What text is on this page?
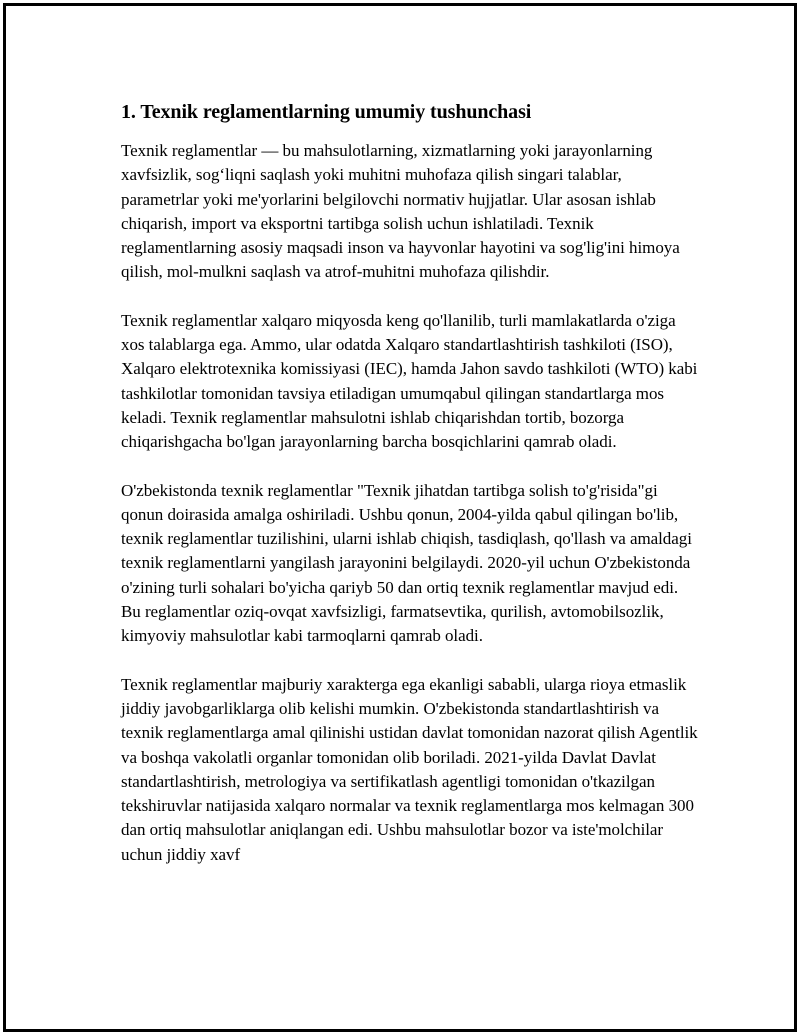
1. Texnik reglamentlarning umumiy tushunchasi

Texnik reglamentlar — bu mahsulotlarning, xizmatlarning yoki jarayonlarning xavfsizlik, sog‘liqni saqlash yoki muhitni muhofaza qilish singari talablar, parametrlar yoki me'yorlarini belgilovchi normativ hujjatlar. Ular asosan ishlab chiqarish, import va eksportni tartibga solish uchun ishlatiladi. Texnik reglamentlarning asosiy maqsadi inson va hayvonlar hayotini va sog'lig'ini himoya qilish, mol-mulkni saqlash va atrof-muhitni muhofaza qilishdir.

Texnik reglamentlar xalqaro miqyosda keng qo'llanilib, turli mamlakatlarda o'ziga xos talablarga ega. Ammo, ular odatda Xalqaro standartlashtirish tashkiloti (ISO), Xalqaro elektrotexnika komissiyasi (IEC), hamda Jahon savdo tashkiloti (WTO) kabi tashkilotlar tomonidan tavsiya etiladigan umumqabul qilingan standartlarga mos keladi. Texnik reglamentlar mahsulotni ishlab chiqarishdan tortib, bozorga chiqarishgacha bo'lgan jarayonlarning barcha bosqichlarini qamrab oladi.

O'zbekistonda texnik reglamentlar "Texnik jihatdan tartibga solish to'g'risida"gi qonun doirasida amalga oshiriladi. Ushbu qonun, 2004-yilda qabul qilingan bo'lib, texnik reglamentlar tuzilishini, ularni ishlab chiqish, tasdiqlash, qo'llash va amaldagi texnik reglamentlarni yangilash jarayonini belgilaydi. 2020-yil uchun O'zbekistonda o'zining turli sohalari bo'yicha qariyb 50 dan ortiq texnik reglamentlar mavjud edi. Bu reglamentlar oziq-ovqat xavfsizligi, farmatsevtika, qurilish, avtomobilsozlik, kimyoviy mahsulotlar kabi tarmoqlarni qamrab oladi.

Texnik reglamentlar majburiy xarakterga ega ekanligi sababli, ularga rioya etmaslik jiddiy javobgarliklarga olib kelishi mumkin. O'zbekistonda standartlashtirish va texnik reglamentlarga amal qilinishi ustidan davlat tomonidan nazorat qilish Agentlik va boshqa vakolatli organlar tomonidan olib boriladi. 2021-yilda Davlat Davlat standartlashtirish, metrologiya va sertifikatlash agentligi tomonidan o'tkazilgan tekshiruvlar natijasida xalqaro normalar va texnik reglamentlarga mos kelmagan 300 dan ortiq mahsulotlar aniqlangan edi. Ushbu mahsulotlar bozor va iste'molchilar uchun jiddiy xavf
